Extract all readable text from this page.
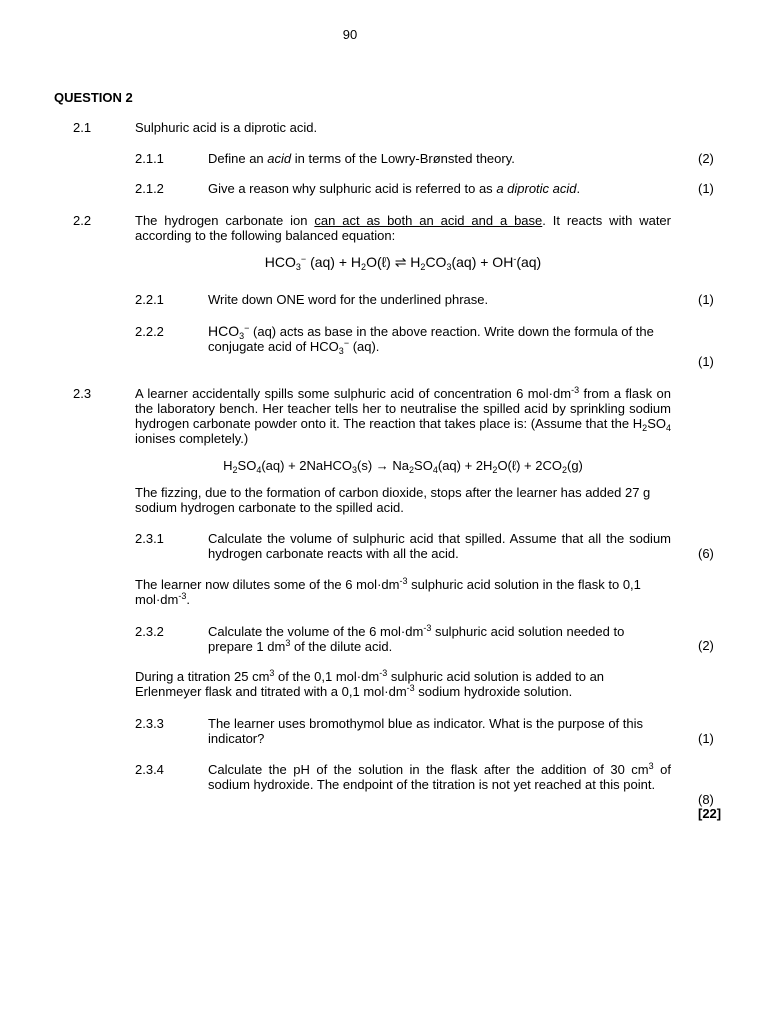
90
QUESTION 2
2.1	Sulphuric acid is a diprotic acid.
2.1.1	Define an acid in terms of the Lowry-Brønsted theory.	(2)
2.1.2	Give a reason why sulphuric acid is referred to as a diprotic acid.	(1)
2.2	The hydrogen carbonate ion can act as both an acid and a base. It reacts with water according to the following balanced equation:
$HCO_3^-$ $(aq) + H_2O(\ell)$ ⇌ $H_2CO_3(aq) + OH^-(aq)$
2.2.1	Write down ONE word for the underlined phrase.	(1)
2.2.2	$HCO_3^-$ (aq) acts as base in the above reaction. Write down the formula of the conjugate acid of $HCO_3^-$ (aq).
(1)
2.3	A learner accidentally spills some sulphuric acid of concentration 6 $mol\cdot dm^{-3}$ from a flask on the laboratory bench. Her teacher tells her to neutralise the spilled acid by sprinkling sodium hydrogen carbonate powder onto it. The reaction that takes place is: (Assume that the $H_2SO_4$ ionises completely.)
$H_2SO_4(aq)$ + 2NaHCO$_3$(s) → $Na_2SO_4(aq)$ + $2H_2O(\ell) + 2CO_2(g)$
The fizzing, due to the formation of carbon dioxide, stops after the learner has added 27 g sodium hydrogen carbonate to the spilled acid.
2.3.1	Calculate the volume of sulphuric acid that spilled. Assume that all the sodium hydrogen carbonate reacts with all the acid.	(6)
The learner now dilutes some of the 6 $mol\cdot dm^{-3}$ sulphuric acid solution in the flask to 0,1 $mol\cdot dm^{-3}$.
2.3.2	Calculate the volume of the 6 $mol\cdot dm^{-3}$ sulphuric acid solution needed to prepare 1 $dm^3$ of the dilute acid.	(2)
During a titration 25 $cm^3$ of the 0,1 $mol\cdot dm^{-3}$ sulphuric acid solution is added to an Erlenmeyer flask and titrated with a 0,1 $mol\cdot dm^{-3}$ sodium hydroxide solution.
2.3.3	The learner uses bromothymol blue as indicator. What is the purpose of this indicator?	(1)
2.3.4	Calculate the pH of the solution in the flask after the addition of 30 $cm^3$ of sodium hydroxide. The endpoint of the titration is not yet reached at this point.
(8)
[22]
